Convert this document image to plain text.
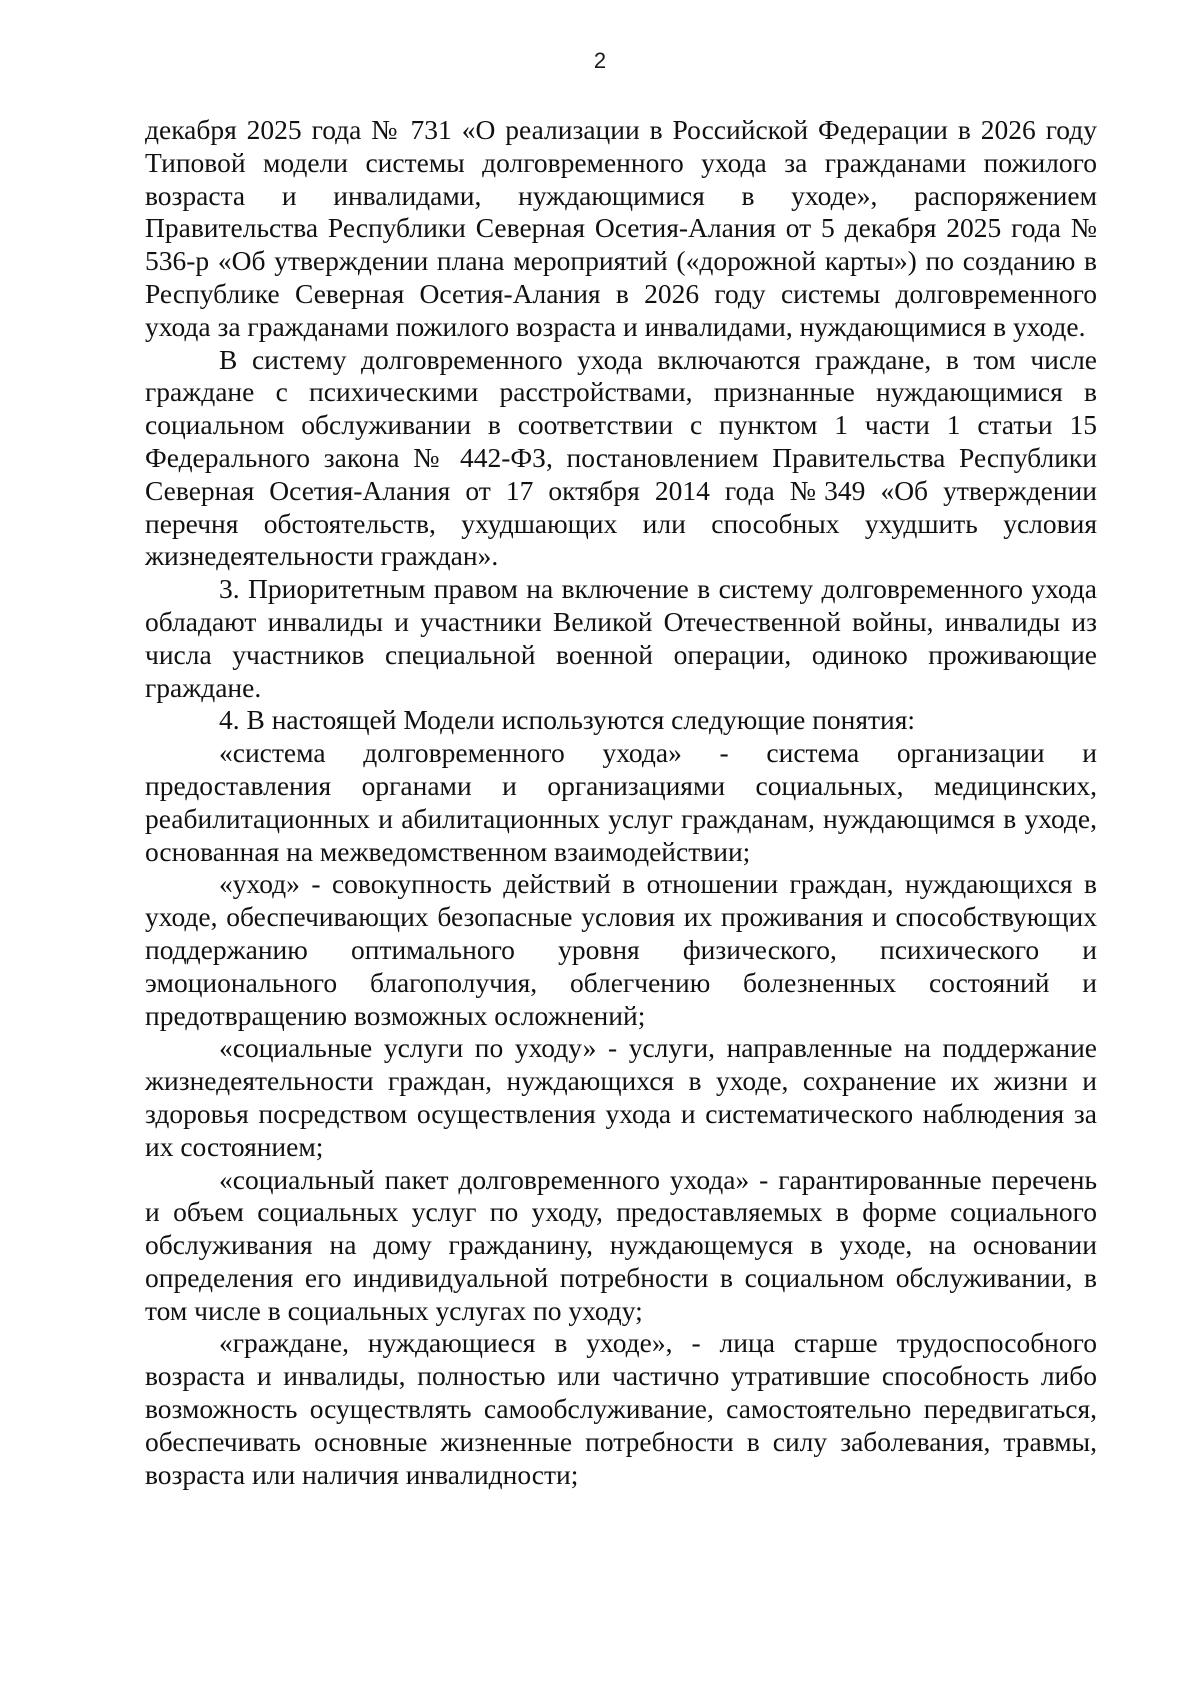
2

декабря 2025 года № 731 «О реализации в Российской Федерации в 2026 году Типовой модели системы долговременного ухода за гражданами пожилого возраста и инвалидами, нуждающимися в уходе», распоряжением Правительства Республики Северная Осетия-Алания от 5 декабря 2025 года № 536-р «Об утверждении плана мероприятий («дорожной карты») по созданию в Республике Северная Осетия-Алания в 2026 году системы долговременного ухода за гражданами пожилого возраста и инвалидами, нуждающимися в уходе.

В систему долговременного ухода включаются граждане, в том числе граждане с психическими расстройствами, признанные нуждающимися в социальном обслуживании в соответствии с пунктом 1 части 1 статьи 15 Федерального закона № 442-ФЗ, постановлением Правительства Республики Северная Осетия-Алания от 17 октября 2014 года №349 «Об утверждении перечня обстоятельств, ухудшающих или способных ухудшить условия жизнедеятельности граждан».

3. Приоритетным правом на включение в систему долговременного ухода обладают инвалиды и участники Великой Отечественной войны, инвалиды из числа участников специальной военной операции, одиноко проживающие граждане.

4. В настоящей Модели используются следующие понятия:

«система долговременного ухода» - система организации и предоставления органами и организациями социальных, медицинских, реабилитационных и абилитационных услуг гражданам, нуждающимся в уходе, основанная на межведомственном взаимодействии;

«уход» - совокупность действий в отношении граждан, нуждающихся в уходе, обеспечивающих безопасные условия их проживания и способствующих поддержанию оптимального уровня физического, психического и эмоционального благополучия, облегчению болезненных состояний и предотвращению возможных осложнений;

«социальные услуги по уходу» - услуги, направленные на поддержание жизнедеятельности граждан, нуждающихся в уходе, сохранение их жизни и здоровья посредством осуществления ухода и систематического наблюдения за их состоянием;

«социальный пакет долговременного ухода» - гарантированные перечень и объем социальных услуг по уходу, предоставляемых в форме социального обслуживания на дому гражданину, нуждающемуся в уходе, на основании определения его индивидуальной потребности в социальном обслуживании, в том числе в социальных услугах по уходу;

«граждане, нуждающиеся в уходе», - лица старше трудоспособного возраста и инвалиды, полностью или частично утратившие способность либо возможность осуществлять самообслуживание, самостоятельно передвигаться, обеспечивать основные жизненные потребности в силу заболевания, травмы, возраста или наличия инвалидности;
